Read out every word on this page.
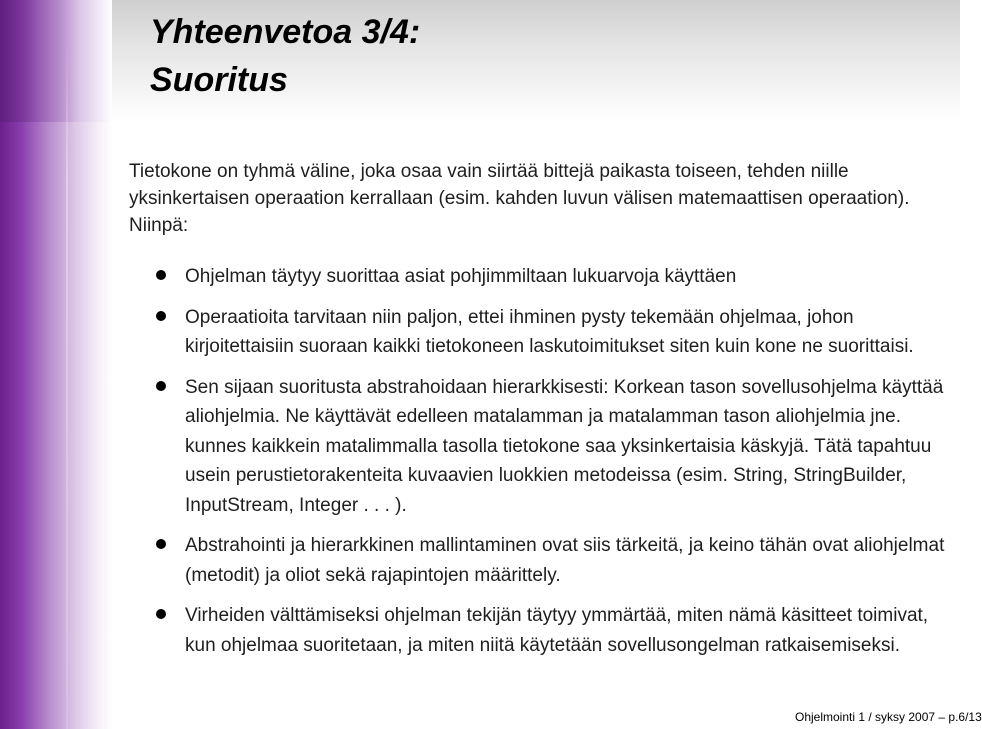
Yhteenvetoa 3/4:
Suoritus

Tietokone on tyhmä väline, joka osaa vain siirtää bittejä paikasta toiseen, tehden niille yksinkertaisen operaation kerrallaan (esim. kahden luvun välisen matemaattisen operaation). Niinpä:

Ohjelman täytyy suorittaa asiat pohjimmiltaan lukuarvoja käyttäen
Operaatioita tarvitaan niin paljon, ettei ihminen pysty tekemään ohjelmaa, johon kirjoitettaisiin suoraan kaikki tietokoneen laskutoimitukset siten kuin kone ne suorittaisi.
Sen sijaan suoritusta abstrahoidaan hierarkkisesti: Korkean tason sovellusohjelma käyttää aliohjelmia. Ne käyttävät edelleen matalamman ja matalamman tason aliohjelmia jne. kunnes kaikkein matalimmalla tasolla tietokone saa yksinkertaisia käskyjä. Tätä tapahtuu usein perustietorakenteita kuvaavien luokkien metodeissa (esim. String, StringBuilder, InputStream, Integer . . . ).
Abstrahointi ja hierarkkinen mallintaminen ovat siis tärkeitä, ja keino tähän ovat aliohjelmat (metodit) ja oliot sekä rajapintojen määrittely.
Virheiden välttämiseksi ohjelman tekijän täytyy ymmärtää, miten nämä käsitteet toimivat, kun ohjelmaa suoritetaan, ja miten niitä käytetään sovellusongelman ratkaisemiseksi.
Ohjelmointi 1 / syksy 2007 – p.6/13
